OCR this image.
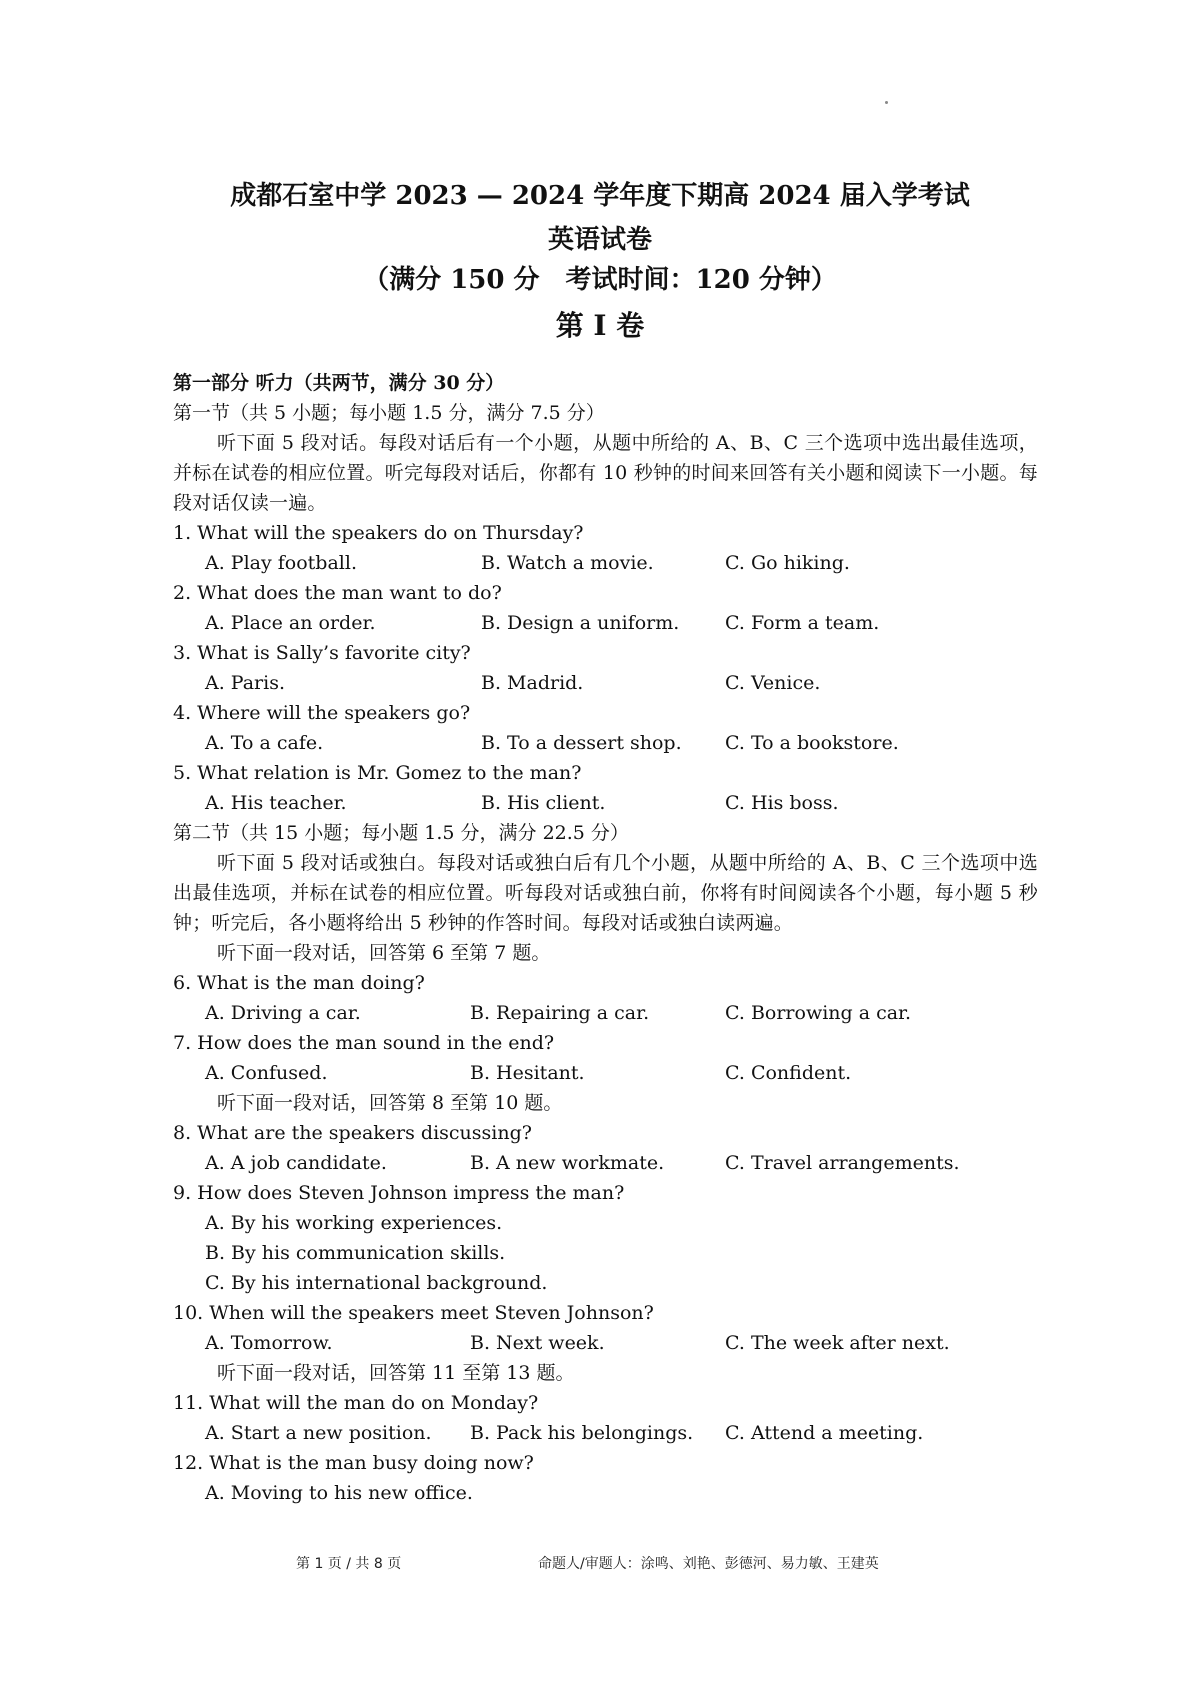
成都石室中学 2023 — 2024 学年度下期高 2024 届入学考试
英语试卷
（满分 150 分　考试时间：120 分钟）
第 I 卷
第一部分 听力（共两节，满分 30 分）
第一节（共 5 小题；每小题 1.5 分，满分 7.5 分）
听下面 5 段对话。每段对话后有一个小题，从题中所给的 A、B、C 三个选项中选出最佳选项，并标在试卷的相应位置。听完每段对话后，你都有 10 秒钟的时间来回答有关小题和阅读下一小题。每段对话仅读一遍。
1. What will the speakers do on Thursday?
A. Play football.	B. Watch a movie.	C. Go hiking.
2. What does the man want to do?
A. Place an order.	B. Design a uniform. C. Form a team.
3. What is Sally’s favorite city?
A. Paris.	B. Madrid.	C. Venice.
4. Where will the speakers go?
A. To a cafe.	B. To a dessert shop. C. To a bookstore.
5. What relation is Mr. Gomez to the man?
A. His teacher.	B. His client.	C. His boss.
第二节（共 15 小题；每小题 1.5 分，满分 22.5 分）
听下面 5 段对话或独白。每段对话或独白后有几个小题，从题中所给的 A、B、C 三个选项中选出最佳选项，并标在试卷的相应位置。听每段对话或独白前，你将有时间阅读各个小题，每小题 5 秒钟；听完后，各小题将给出 5 秒钟的作答时间。每段对话或独白读两遍。
听下面一段对话，回答第 6 至第 7 题。
6. What is the man doing?
A. Driving a car.	B. Repairing a car.	C. Borrowing a car.
7. How does the man sound in the end?
A. Confused.	B. Hesitant.	C. Confident.
听下面一段对话，回答第 8 至第 10 题。
8. What are the speakers discussing?
A. A job candidate.	B. A new workmate.	C. Travel arrangements.
9. How does Steven Johnson impress the man?
A. By his working experiences.
B. By his communication skills.
C. By his international background.
10. When will the speakers meet Steven Johnson?
A. Tomorrow.	B. Next week.	C. The week after next.
听下面一段对话，回答第 11 至第 13 题。
11. What will the man do on Monday?
A. Start a new position. B. Pack his belongings. C. Attend a meeting.
12. What is the man busy doing now?
A. Moving to his new office.
第 1 页 / 共 8 页	命题人/审题人：涂鸣、刘艳、彭德河、易力敏、王建英
